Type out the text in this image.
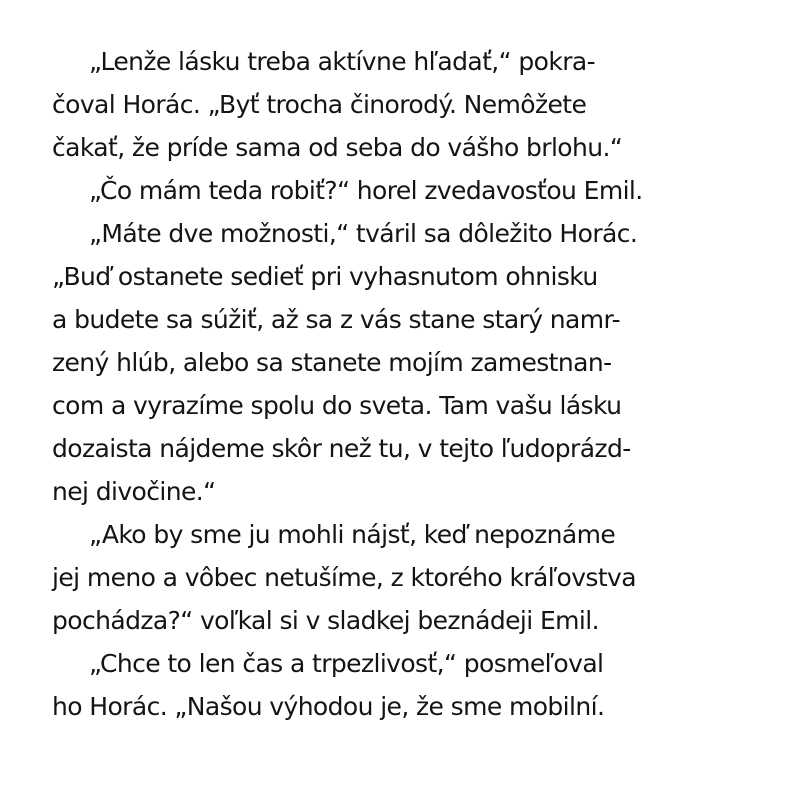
„Lenže lásku treba aktívne hľadať,“ pokra-
čoval Horác. „Byť trocha činorodý. Nemôžete
čakať, že príde sama od seba do vášho brlohu.“
„Čo mám teda robiť?“ horel zvedavosťou Emil.
„Máte dve možnosti,“ tváril sa dôležito Horác.
„Buď ostanete sedieť pri vyhasnutom ohnisku
a budete sa súžiť, až sa z vás stane starý namr-
zený hlúb, alebo sa stanete mojím zamestnan-
com a vyrazíme spolu do sveta. Tam vašu lásku
dozaista nájdeme skôr než tu, v tejto ľudoprázd-
nej divočine.“
„Ako by sme ju mohli nájsť, keď nepoznáme
jej meno a vôbec netušíme, z ktorého kráľovstva
pochádza?“ voľkal si v sladkej beznádeji Emil.
„Chce to len čas a trpezlivosť,“ posmeľoval
ho Horác. „Našou výhodou je, že sme mobilní.
